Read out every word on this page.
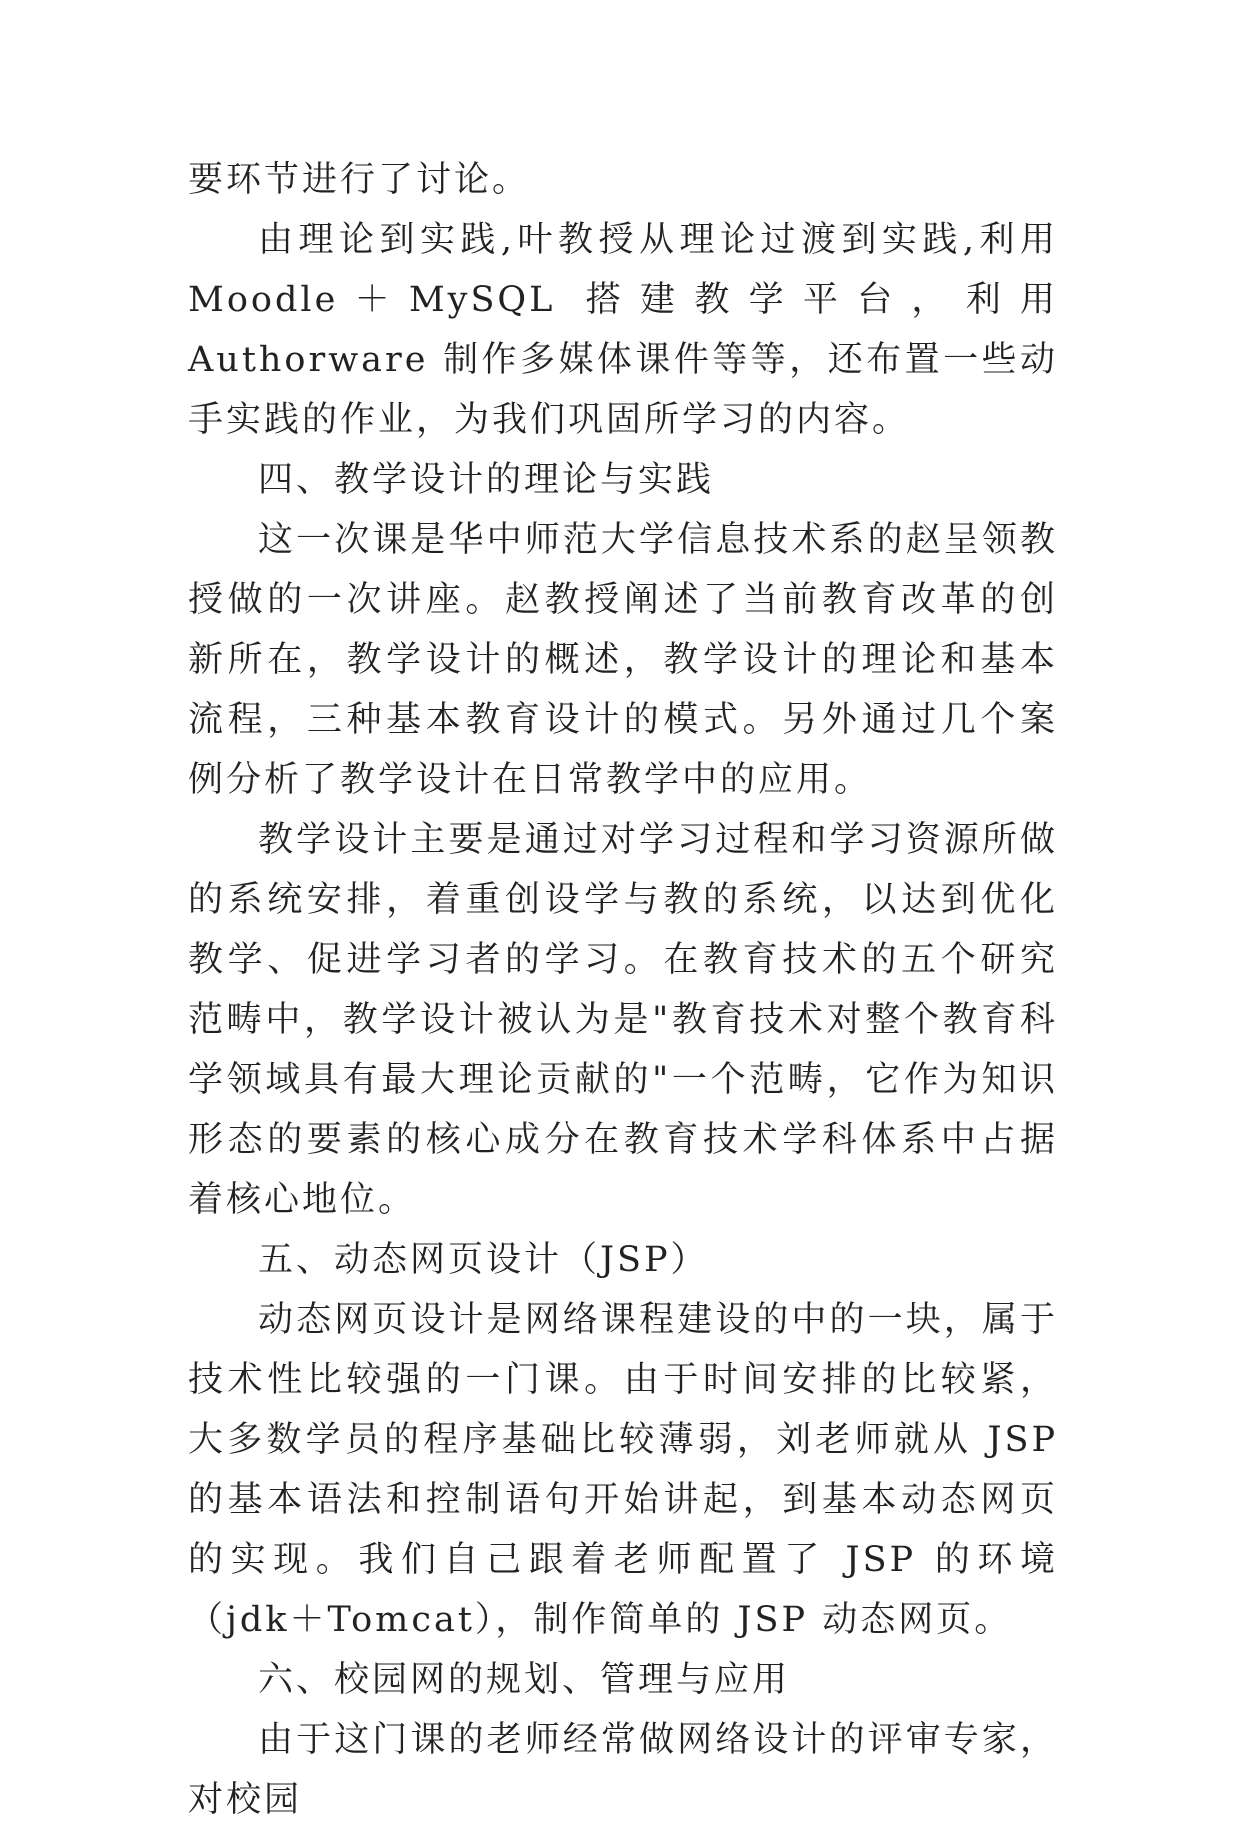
要环节进行了讨论。

由理论到实践,叶教授从理论过渡到实践,利用 Moodle＋MySQL 搭建教学平台，利用 Authorware 制作多媒体课件等等，还布置一些动手实践的作业，为我们巩固所学习的内容。

四、教学设计的理论与实践

这一次课是华中师范大学信息技术系的赵呈领教授做的一次讲座。赵教授阐述了当前教育改革的创新所在，教学设计的概述，教学设计的理论和基本流程，三种基本教育设计的模式。另外通过几个案例分析了教学设计在日常教学中的应用。

教学设计主要是通过对学习过程和学习资源所做的系统安排，着重创设学与教的系统，以达到优化教学、促进学习者的学习。在教育技术的五个研究范畴中，教学设计被认为是"教育技术对整个教育科学领域具有最大理论贡献的"一个范畴，它作为知识形态的要素的核心成分在教育技术学科体系中占据着核心地位。

五、动态网页设计（JSP）

动态网页设计是网络课程建设的中的一块，属于技术性比较强的一门课。由于时间安排的比较紧，大多数学员的程序基础比较薄弱，刘老师就从 JSP 的基本语法和控制语句开始讲起，到基本动态网页的实现。我们自己跟着老师配置了 JSP 的环境（jdk＋Tomcat），制作简单的 JSP 动态网页。

六、校园网的规划、管理与应用

由于这门课的老师经常做网络设计的评审专家，对校园
